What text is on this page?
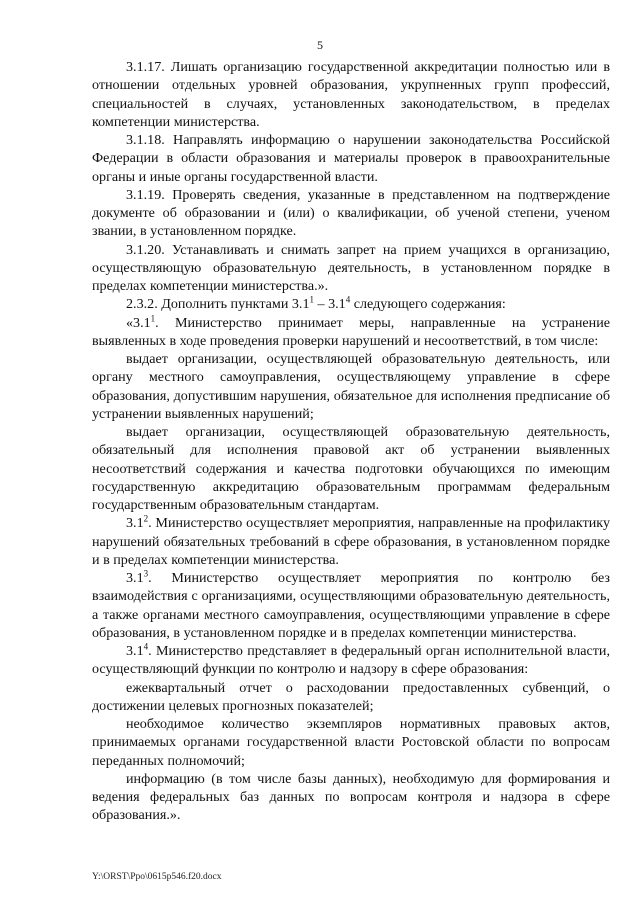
5

3.1.17. Лишать организацию государственной аккредитации полностью или в отношении отдельных уровней образования, укрупненных групп профессий, специальностей в случаях, установленных законодательством, в пределах компетенции министерства.

3.1.18. Направлять информацию о нарушении законодательства Российской Федерации в области образования и материалы проверок в правоохранительные органы и иные органы государственной власти.

3.1.19. Проверять сведения, указанные в представленном на подтверждение документе об образовании и (или) о квалификации, об ученой степени, ученом звании, в установленном порядке.

3.1.20. Устанавливать и снимать запрет на прием учащихся в организацию, осуществляющую образовательную деятельность, в установленном порядке в пределах компетенции министерства.».

2.3.2. Дополнить пунктами $3.1^1 - 3.1^4$ следующего содержания:

«$3.1^1$. Министерство принимает меры, направленные на устранение выявленных в ходе проведения проверки нарушений и несоответствий, в том числе:

выдает организации, осуществляющей образовательную деятельность, или органу местного самоуправления, осуществляющему управление в сфере образования, допустившим нарушения, обязательное для исполнения предписание об устранении выявленных нарушений;

выдает организации, осуществляющей образовательную деятельность, обязательный для исполнения правовой акт об устранении выявленных несоответствий содержания и качества подготовки обучающихся по имеющим государственную аккредитацию образовательным программам федеральным государственным образовательным стандартам.

$3.1^2$. Министерство осуществляет мероприятия, направленные на профилактику нарушений обязательных требований в сфере образования, в установленном порядке и в пределах компетенции министерства.

$3.1^3$. Министерство осуществляет мероприятия по контролю без взаимодействия с организациями, осуществляющими образовательную деятельность, а также органами местного самоуправления, осуществляющими управление в сфере образования, в установленном порядке и в пределах компетенции министерства.

$3.1^4$. Министерство представляет в федеральный орган исполнительной власти, осуществляющий функции по контролю и надзору в сфере образования:

ежеквартальный отчет о расходовании предоставленных субвенций, о достижении целевых прогнозных показателей;

необходимое количество экземпляров нормативных правовых актов, принимаемых органами государственной власти Ростовской области по вопросам переданных полномочий;

информацию (в том числе базы данных), необходимую для формирования и ведения федеральных баз данных по вопросам контроля и надзора в сфере образования.».

Y:\ORST\Ppo\0615p546.f20.docx
